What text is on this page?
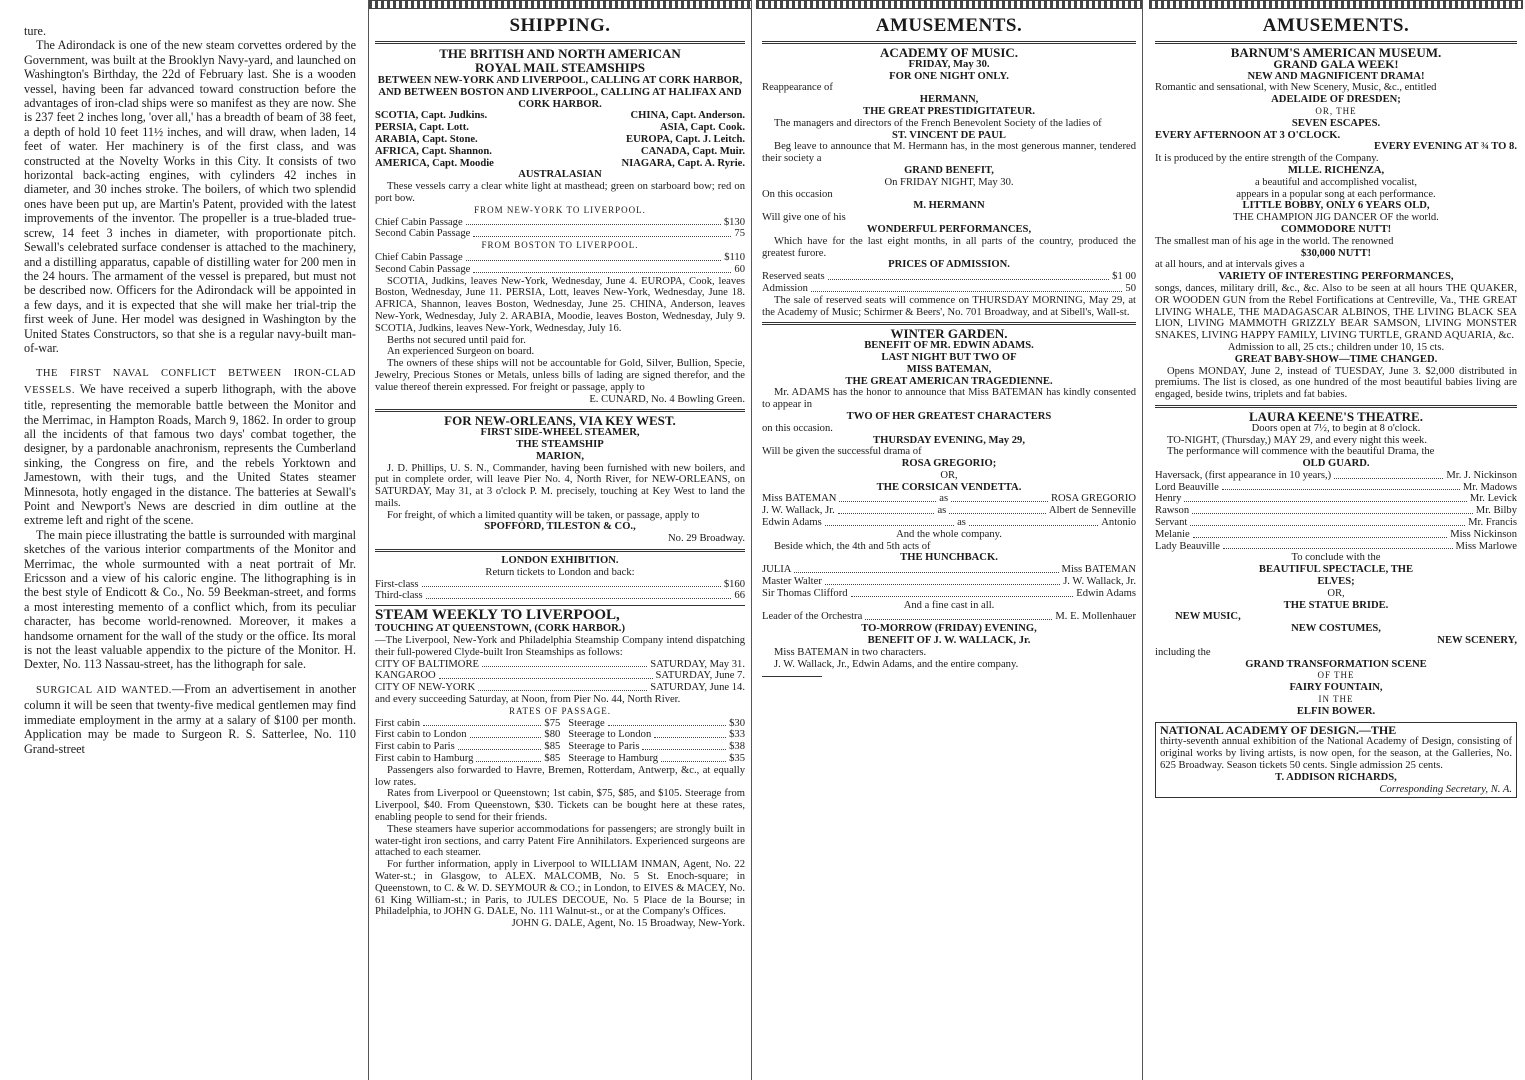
ture.

The Adirondack is one of the new steam corvettes ordered by the Government, was built at the Brooklyn Navy-yard, and launched on Washington's Birthday, the 22d of February last. She is a wooden vessel, having been far advanced toward construction before the advantages of iron-clad ships were so manifest as they are now. She is 237 feet 2 inches long, 'over all,' has a breadth of beam of 38 feet, a depth of hold 10 feet 11½ inches, and will draw, when laden, 14 feet of water. Her machinery is of the first class, and was constructed at the Novelty Works in this City. It consists of two horizontal back-acting engines, with cylinders 42 inches in diameter, and 30 inches stroke. The boilers, of which two splendid ones have been put up, are Martin's Patent, provided with the latest improvements of the inventor. The propeller is a true-bladed true-screw, 14 feet 3 inches in diameter, with proportionate pitch. Sewall's celebrated surface condenser is attached to the machinery, and a distilling apparatus, capable of distilling water for 200 men in the 24 hours. The armament of the vessel is prepared, but must not be described now. Officers for the Adirondack will be appointed in a few days, and it is expected that she will make her trial-trip the first week of June. Her model was designed in Washington by the United States Constructors, so that she is a regular navy-built man-of-war.

THE FIRST NAVAL CONFLICT BETWEEN IRON-CLAD VESSELS. We have received a superb lithograph, with the above title, representing the memorable battle between the Monitor and the Merrimac, in Hampton Roads, March 9, 1862. In order to group all the incidents of that famous two days' combat together, the designer, by a pardonable anachronism, represents the Cumberland sinking, the Congress on fire, and the rebels Yorktown and Jamestown, with their tugs, and the United States steamer Minnesota, hotly engaged in the distance. The batteries at Sewall's Point and Newport's News are descried in dim outline at the extreme left and right of the scene.

The main piece illustrating the battle is surrounded with marginal sketches of the various interior compartments of the Monitor and Merrimac, the whole surmounted with a neat portrait of Mr. Ericsson and a view of his caloric engine. The lithographing is in the best style of Endicott & Co., No. 59 Beekman-street, and forms a most interesting memento of a conflict which, from its peculiar character, has become world-renowned. Moreover, it makes a handsome ornament for the wall of the study or the office. Its moral is not the least valuable appendix to the picture of the Monitor. H. Dexter, No. 113 Nassau-street, has the lithograph for sale.

SURGICAL AID WANTED.—From an advertisement in another column it will be seen that twenty-five medical gentlemen may find immediate employment in the army at a salary of $100 per month. Application may be made to Surgeon R. S. Satterlee, No. 110 Grand-street

SHIPPING.
THE BRITISH AND NORTH AMERICAN
ROYAL MAIL STEAMSHIPS
BETWEEN NEW-YORK AND LIVERPOOL, CALLING AT CORK HARBOR,
AND BETWEEN BOSTON AND LIVERPOOL, CALLING AT HALIFAX AND CORK HARBOR.
SCOTIA, Capt. Judkins.	CHINA, Capt. Anderson.
PERSIA, Capt. Lott.	ASIA, Capt. Cook.
ARABIA, Capt. Stone.	EUROPA, Capt. J. Leitch.
AFRICA, Capt. Shannon.	CANADA, Capt. Muir.
AMERICA, Capt. Moodie	NIAGARA, Capt. A. Ryrie.
AUSTRALASIAN

These vessels carry a clear white light at masthead; green on starboard bow; red on port bow.

FROM NEW-YORK TO LIVERPOOL.
Chief Cabin Passage	$130
Second Cabin Passage	75
FROM BOSTON TO LIVERPOOL.
Chief Cabin Passage	$110
Second Cabin Passage	60

SCOTIA, Judkins, leaves New-York, Wednesday, June 4. EUROPA, Cook, leaves Boston, Wednesday, June 11. PERSIA, Lott, leaves New-York, Wednesday, June 18. AFRICA, Shannon, leaves Boston, Wednesday, June 25. CHINA, Anderson, leaves New-York, Wednesday, July 2. ARABIA, Moodie, leaves Boston, Wednesday, July 9. SCOTIA, Judkins, leaves New-York, Wednesday, July 16.

Berths not secured until paid for.

An experienced Surgeon on board.

The owners of these ships will not be accountable for Gold, Silver, Bullion, Specie, Jewelry, Precious Stones or Metals, unless bills of lading are signed therefor, and the value thereof therein expressed. For freight or passage, apply to

E. CUNARD, No. 4 Bowling Green.
FOR NEW-ORLEANS, VIA KEY WEST.
FIRST SIDE-WHEEL STEAMER,
THE STEAMSHIP
MARION,

J. D. Phillips, U. S. N., Commander, having been furnished with new boilers, and put in complete order, will leave Pier No. 4, North River, for NEW-ORLEANS, on SATURDAY, May 31, at 3 o'clock P. M. precisely, touching at Key West to land the mails.

For freight, of which a limited quantity will be taken, or passage, apply to

SPOFFORD, TILESTON & CO.,
No. 29 Broadway.
LONDON EXHIBITION.
Return tickets to London and back:
First-class	$160
Third-class	66
STEAM WEEKLY TO LIVERPOOL,
TOUCHING AT QUEENSTOWN, (CORK HARBOR.)

—The Liverpool, New-York and Philadelphia Steamship Company intend dispatching their full-powered Clyde-built Iron Steamships as follows:

CITY OF BALTIMORE	SATURDAY, May 31.
KANGAROO	SATURDAY, June 7.
CITY OF NEW-YORK	SATURDAY, June 14.

and every succeeding Saturday, at Noon, from Pier No. 44, North River.

RATES OF PASSAGE.
First cabin	$75 Steerage	$30
First cabin to London	$80 Steerage to London	$33
First cabin to Paris	$85 Steerage to Paris	$38
First cabin to Hamburg	$85 Steerage to Hamburg	$35

Passengers also forwarded to Havre, Bremen, Rotterdam, Antwerp, &c., at equally low rates.

Rates from Liverpool or Queenstown; 1st cabin, $75, $85, and $105. Steerage from Liverpool, $40. From Queenstown, $30. Tickets can be bought here at these rates, enabling people to send for their friends.

These steamers have superior accommodations for passengers; are strongly built in water-tight iron sections, and carry Patent Fire Annihilators. Experienced surgeons are attached to each steamer.

For further information, apply in Liverpool to WILLIAM INMAN, Agent, No. 22 Water-st.; in Glasgow, to ALEX. MALCOMB, No. 5 St. Enoch-square; in Queenstown, to C. & W. D. SEYMOUR & CO.; in London, to EIVES & MACEY, No. 61 King William-st.; in Paris, to JULES DECOUE, No. 5 Place de la Bourse; in Philadelphia, to JOHN G. DALE, No. 111 Walnut-st., or at the Company's Offices.

JOHN G. DALE, Agent, No. 15 Broadway, New-York.
AMUSEMENTS.
ACADEMY OF MUSIC.
FRIDAY, May 30.
FOR ONE NIGHT ONLY.
Reappearance of
HERMANN,
THE GREAT PRESTIDIGITATEUR.

The managers and directors of the French Benevolent Society of the ladies of

ST. VINCENT DE PAUL

Beg leave to announce that M. Hermann has, in the most generous manner, tendered their society a

GRAND BENEFIT,
On FRIDAY NIGHT, May 30.
On this occasion
M. HERMANN
Will give one of his
WONDERFUL PERFORMANCES,

Which have for the last eight months, in all parts of the country, produced the greatest furore.

PRICES OF ADMISSION.
Reserved seats	$1 00
Admission	50

The sale of reserved seats will commence on THURSDAY MORNING, May 29, at the Academy of Music; Schirmer & Beers', No. 701 Broadway, and at Sibell's, Wall-st.

WINTER GARDEN.
BENEFIT OF MR. EDWIN ADAMS.
LAST NIGHT BUT TWO OF
MISS BATEMAN,
THE GREAT AMERICAN TRAGEDIENNE.

Mr. ADAMS has the honor to announce that Miss BATEMAN has kindly consented to appear in

TWO OF HER GREATEST CHARACTERS
on this occasion.
THURSDAY EVENING, May 29,
Will be given the successful drama of
ROSA GREGORIO;
OR,
THE CORSICAN VENDETTA.
Miss BATEMAN	as	ROSA GREGORIO
J. W. Wallack, Jr.	as	Albert de Senneville
Edwin Adams	as	Antonio
And the whole company.
Beside which, the 4th and 5th acts of
THE HUNCHBACK.
JULIA	Miss BATEMAN
Master Walter	J. W. Wallack, Jr.
Sir Thomas Clifford	Edwin Adams
And a fine cast in all.
Leader of the Orchestra	M. E. Mollenhauer
TO-MORROW (FRIDAY) EVENING,
BENEFIT OF J. W. WALLACK, Jr.
Miss BATEMAN in two characters.

J. W. Wallack, Jr., Edwin Adams, and the entire company.

AMUSEMENTS.
BARNUM'S AMERICAN MUSEUM.
GRAND GALA WEEK!
NEW AND MAGNIFICENT DRAMA!
Romantic and sensational, with New Scenery, Music, &c., entitled
ADELAIDE OF DRESDEN;
OR, THE
SEVEN ESCAPES.
EVERY AFTERNOON AT 3 O'CLOCK.
EVERY EVENING AT ¾ TO 8.
It is produced by the entire strength of the Company.
MLLE. RICHENZA,
a beautiful and accomplished vocalist,
appears in a popular song at each performance.
LITTLE BOBBY, ONLY 6 YEARS OLD,
THE CHAMPION JIG DANCER OF the world.
COMMODORE NUTT!
The smallest man of his age in the world. The renowned
$30,000 NUTT!
at all hours, and at intervals gives a
VARIETY OF INTERESTING PERFORMANCES,

songs, dances, military drill, &c., &c. Also to be seen at all hours THE QUAKER, OR WOODEN GUN from the Rebel Fortifications at Centreville, Va., THE GREAT LIVING WHALE, THE MADAGASCAR ALBINOS, THE LIVING BLACK SEA LION, LIVING MAMMOTH GRIZZLY BEAR SAMSON, LIVING MONSTER SNAKES, LIVING HAPPY FAMILY, LIVING TURTLE, GRAND AQUARIA, &c.

Admission to all, 25 cts.; children under 10, 15 cts.
GREAT BABY-SHOW—TIME CHANGED.

Opens MONDAY, June 2, instead of TUESDAY, June 3. $2,000 distributed in premiums. The list is closed, as one hundred of the most beautiful babies living are engaged, beside twins, triplets and fat babies.

LAURA KEENE'S THEATRE.
Doors open at 7½, to begin at 8 o'clock.

TO-NIGHT, (Thursday,) MAY 29, and every night this week.

The performance will commence with the beautiful Drama, the

OLD GUARD.
Haversack, (first appearance in 10 years,)	Mr. J. Nickinson
Lord Beauville	Mr. Madows
Henry	Mr. Levick
Rawson	Mr. Bilby
Servant	Mr. Francis
Melanie	Miss Nickinson
Lady Beauville	Miss Marlowe
To conclude with the
BEAUTIFUL SPECTACLE, THE
ELVES;
OR,
THE STATUE BRIDE.
NEW MUSIC,
NEW COSTUMES,
NEW SCENERY,
including the
GRAND TRANSFORMATION SCENE
OF THE
FAIRY FOUNTAIN,
IN THE
ELFIN BOWER.
NATIONAL ACADEMY OF DESIGN.—THE

thirty-seventh annual exhibition of the National Academy of Design, consisting of original works by living artists, is now open, for the season, at the Galleries, No. 625 Broadway. Season tickets 50 cents. Single admission 25 cents.

T. ADDISON RICHARDS,
Corresponding Secretary, N. A.
